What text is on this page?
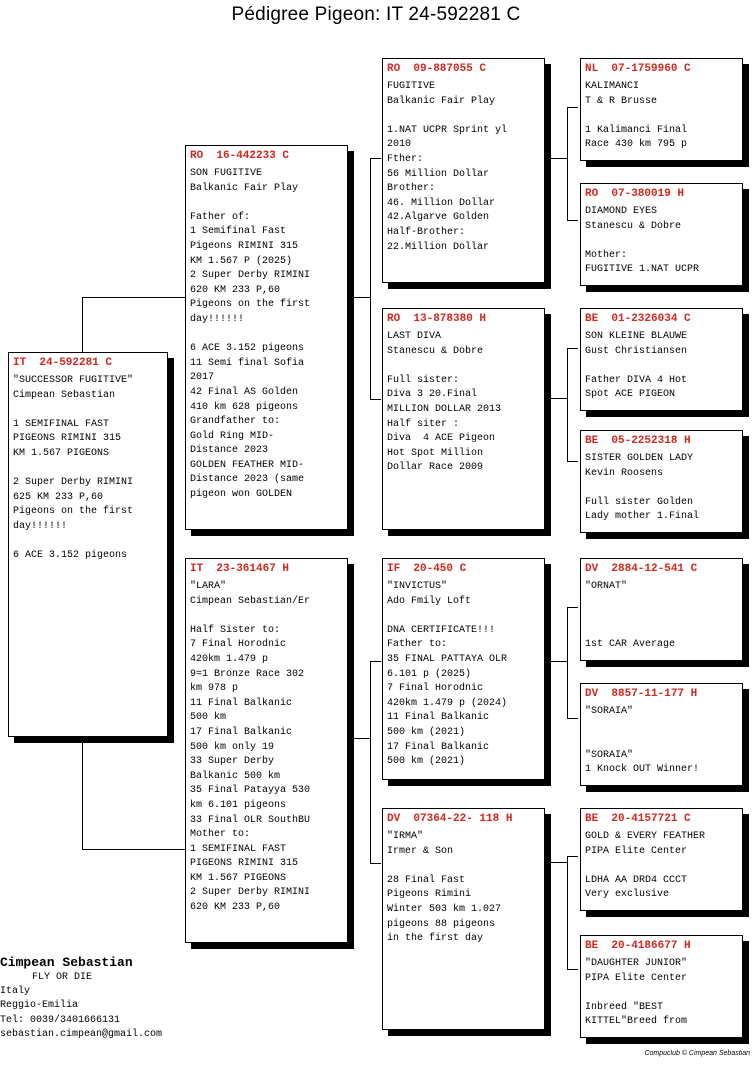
Pédigree Pigeon: IT 24-592281 C
IT  24-592281 C
"SUCCESSOR FUGITIVE"
Cimpean Sebastian
1 SEMIFINAL FAST
PIGEONS RIMINI 315
KM 1.567 PIGEONS
2 Super Derby RIMINI
625 KM 233 P,60
Pigeons on the first
day!!!!!!
6 ACE 3.152 pigeons
RO  16-442233 C
SON FUGITIVE
Balkanic Fair Play
Father of:
1 Semifinal Fast
Pigeons RIMINI 315
KM 1.567 P (2025)
2 Super Derby RIMINI
620 KM 233 P,60
Pigeons on the first
day!!!!!!
6 ACE 3.152 pigeons
11 Semi final Sofia
2017
42 Final AS Golden
410 km 628 pigeons
Grandfather to:
Gold Ring MID-
Distance 2023
GOLDEN FEATHER MID-
Distance 2023 (same
pigeon won GOLDEN
IT  23-361467 H
"LARA"
Cimpean Sebastian/Er
Half Sister to:
7 Final Horodnic
420km 1.479 p
9=1 Bronze Race 302
km 978 p
11 Final Balkanic
500 km
17 Final Balkanic
500 km only 19
33 Super Derby
Balkanic 500 km
35 Final Patayya 530
km 6.101 pigeons
33 Final OLR SouthBU
Mother to:
1 SEMIFINAL FAST
PIGEONS RIMINI 315
KM 1.567 PIGEONS
2 Super Derby RIMINI
620 KM 233 P,60
RO  09-887055 C
FUGITIVE
Balkanic Fair Play
1.NAT UCPR Sprint yl
2010
Fther:
56 Million Dollar
Brother:
46. Million Dollar
42.Algarve Golden
Half-Brother:
22.Million Dollar
RO  13-878380 H
LAST DIVA
Stanescu & Dobre
Full sister:
Diva 3 20.Final
MILLION DOLLAR 2013
Half siter :
Diva  4 ACE Pigeon
Hot Spot Million
Dollar Race 2009
IF  20-450 C
"INVICTUS"
Ado Fmily Loft
DNA CERTIFICATE!!!
Father to:
35 FINAL PATTAYA OLR
6.101 p (2025)
7 Final Horodnic
420km 1.479 p (2024)
11 Final Balkanic
500 km (2021)
17 Final Balkanic
500 km (2021)
DV  07364-22- 118 H
"IRMA"
Irmer & Son
28 Final Fast
Pigeons Rimini
Winter 503 km 1.027
pigeons 88 pigeons
in the first day
NL  07-1759960 C
KALIMANCI
T & R Brusse
1 Kalimanci Final
Race 430 km 795 p
RO  07-380019 H
DIAMOND EYES
Stanescu & Dobre
Mother:
FUGITIVE 1.NAT UCPR
BE  01-2326034 C
SON KLEINE BLAUWE
Gust Christiansen
Father DIVA 4 Hot
Spot ACE PIGEON
BE  05-2252318 H
SISTER GOLDEN LADY
Kevin Roosens
Full sister Golden
Lady mother 1.Final
DV  2884-12-541 C
"ORNAT"
1st CAR Average
DV  8857-11-177 H
"SORAIA"
"SORAIA"
1 Knock OUT Winner!
BE  20-4157721 C
GOLD & EVERY FEATHER
PIPA Elite Center
LDHA AA DRD4 CCCT
Very exclusive
BE  20-4186677 H
"DAUGHTER JUNIOR"
PIPA Elite Center
Inbreed "BEST
KITTEL"Breed from
Cimpean Sebastian
FLY OR DIE
Italy
Reggio-Emilia
Tel: 0039/3401666131
sebastian.cimpean@gmail.com
Compuclub © Cimpean Sebastian
